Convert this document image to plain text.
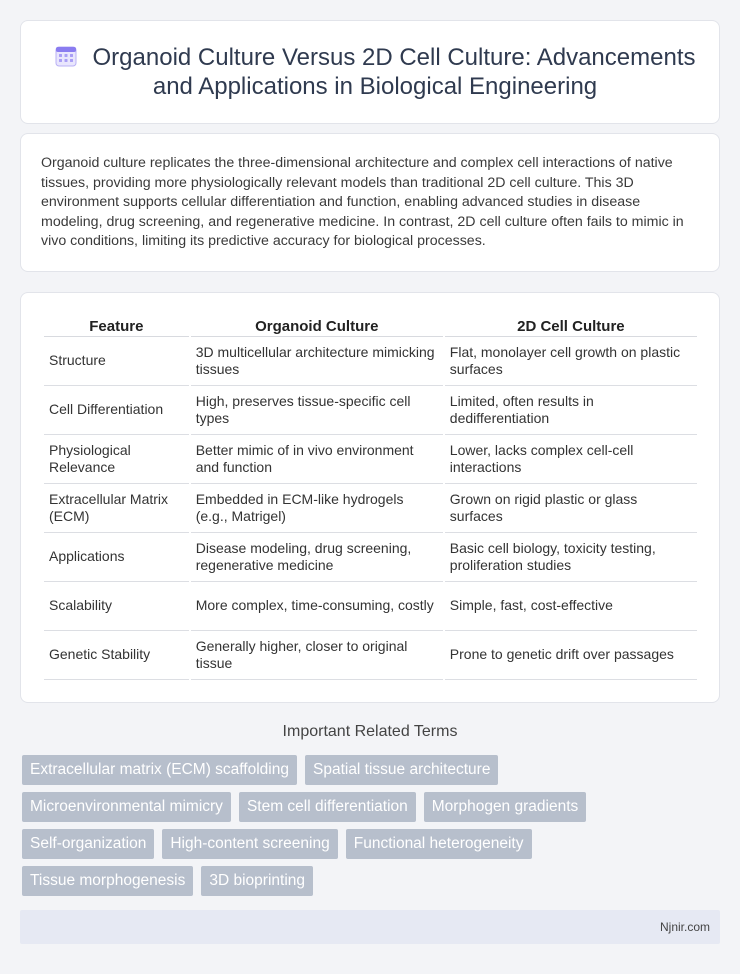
Organoid Culture Versus 2D Cell Culture: Advancements and Applications in Biological Engineering

Organoid culture replicates the three-dimensional architecture and complex cell interactions of native tissues, providing more physiologically relevant models than traditional 2D cell culture. This 3D environment supports cellular differentiation and function, enabling advanced studies in disease modeling, drug screening, and regenerative medicine. In contrast, 2D cell culture often fails to mimic in vivo conditions, limiting its predictive accuracy for biological processes.

Feature	Organoid Culture	2D Cell Culture
Structure	3D multicellular architecture mimicking tissues	Flat, monolayer cell growth on plastic surfaces
Cell Differentiation	High, preserves tissue-specific cell types	Limited, often results in dedifferentiation
Physiological Relevance	Better mimic of in vivo environment and function	Lower, lacks complex cell-cell interactions
Extracellular Matrix (ECM)	Embedded in ECM-like hydrogels (e.g., Matrigel)	Grown on rigid plastic or glass surfaces
Applications	Disease modeling, drug screening, regenerative medicine	Basic cell biology, toxicity testing, proliferation studies
Scalability	More complex, time-consuming, costly	Simple, fast, cost-effective
Genetic Stability	Generally higher, closer to original tissue	Prone to genetic drift over passages
Important Related Terms
Extracellular matrix (ECM) scaffolding	Spatial tissue architecture
Microenvironmental mimicry	Stem cell differentiation	Morphogen gradients
Self-organization	High-content screening	Functional heterogeneity
Tissue morphogenesis	3D bioprinting
Njnir.com
